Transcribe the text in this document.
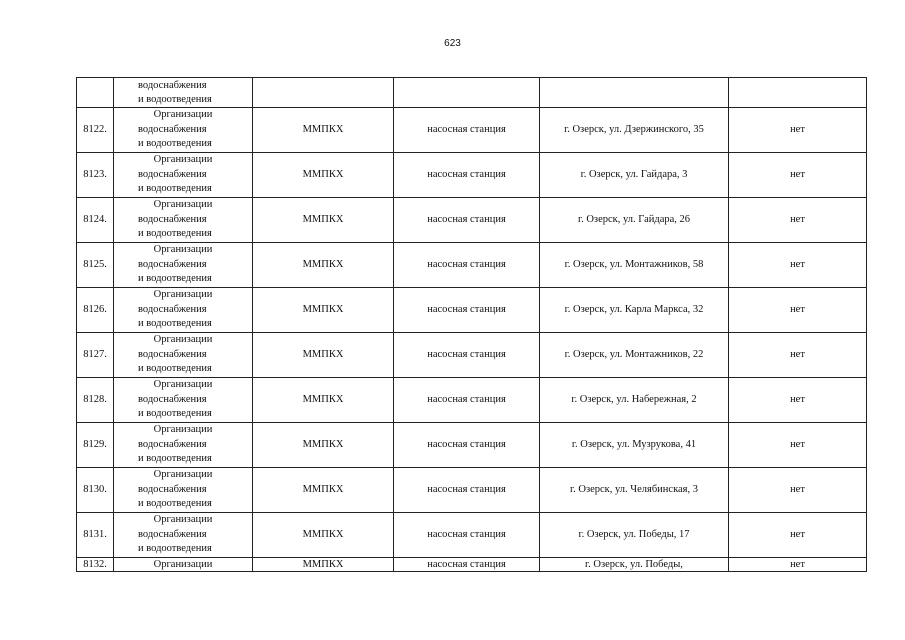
623

	водоснабжения
и водоотведения				

8122.	Организации
водоснабжения
и водоотведения	ММПКХ	насосная станция	г. Озерск, ул. Дзержинского, 35	нет
8123.	Организации
водоснабжения
и водоотведения	ММПКХ	насосная станция	г. Озерск, ул. Гайдара, 3	нет
8124.	Организации
водоснабжения
и водоотведения	ММПКХ	насосная станция	г. Озерск, ул. Гайдара, 26	нет
8125.	Организации
водоснабжения
и водоотведения	ММПКХ	насосная станция	г. Озерск, ул. Монтажников, 58	нет
8126.	Организации
водоснабжения
и водоотведения	ММПКХ	насосная станция	г. Озерск, ул. Карла Маркса, 32	нет
8127.	Организации
водоснабжения
и водоотведения	ММПКХ	насосная станция	г. Озерск, ул. Монтажников, 22	нет
8128.	Организации
водоснабжения
и водоотведения	ММПКХ	насосная станция	г. Озерск, ул. Набережная, 2	нет
8129.	Организации
водоснабжения
и водоотведения	ММПКХ	насосная станция	г. Озерск, ул. Музрукова, 41	нет
8130.	Организации
водоснабжения
и водоотведения	ММПКХ	насосная станция	г. Озерск, ул. Челябинская, 3	нет
8131.	Организации
водоснабжения
и водоотведения	ММПКХ	насосная станция	г. Озерск, ул. Победы, 17	нет
8132.	Организации	ММПКХ	насосная станция	г. Озерск, ул. Победы,	нет
